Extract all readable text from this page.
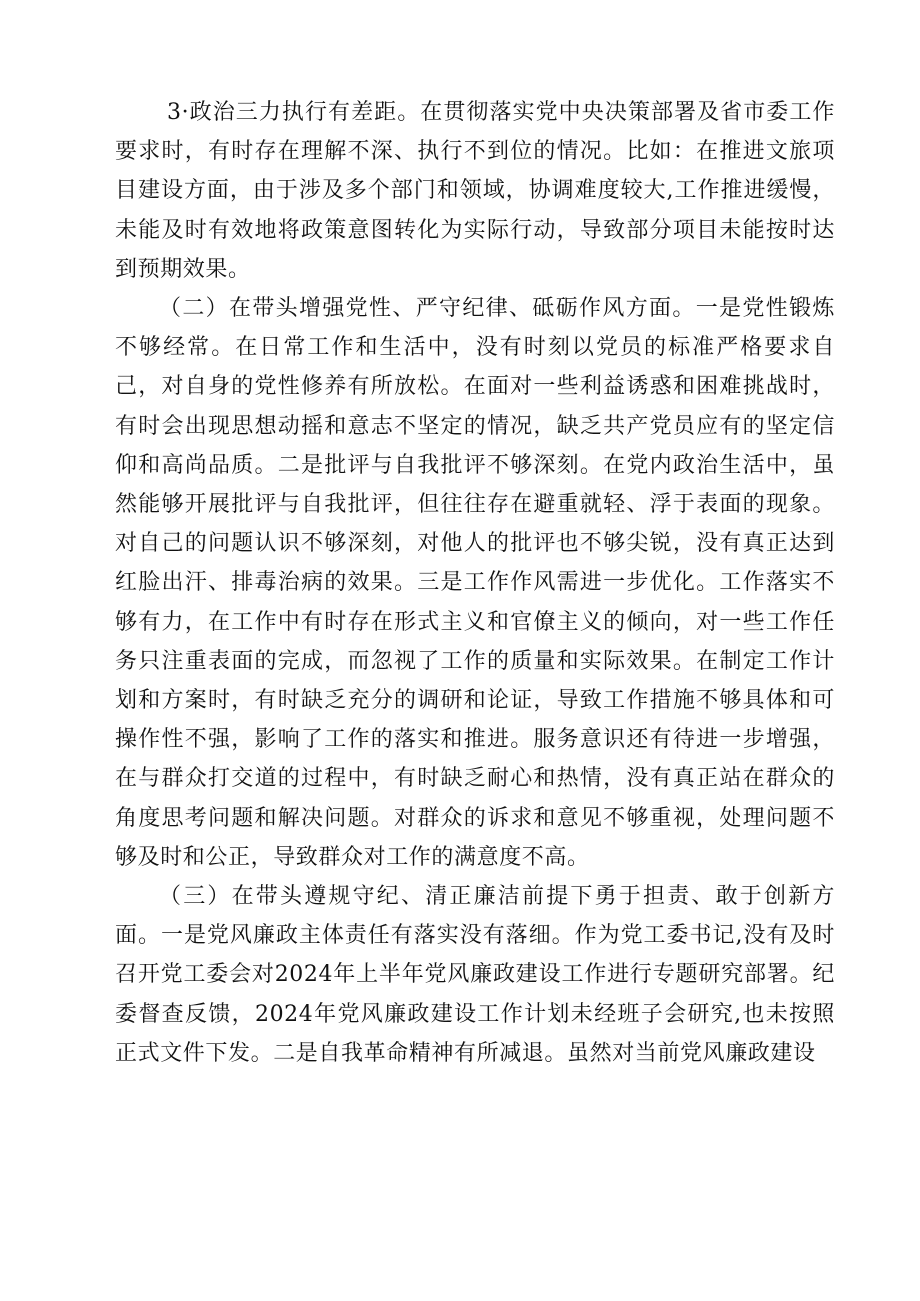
3·政治三力执行有差距。在贯彻落实党中央决策部署及省市委工作要求时，有时存在理解不深、执行不到位的情况。比如：在推进文旅项目建设方面，由于涉及多个部门和领域，协调难度较大,工作推进缓慢，未能及时有效地将政策意图转化为实际行动，导致部分项目未能按时达到预期效果。

（二）在带头增强党性、严守纪律、砥砺作风方面。一是党性锻炼不够经常。在日常工作和生活中，没有时刻以党员的标准严格要求自己，对自身的党性修养有所放松。在面对一些利益诱惑和困难挑战时，有时会出现思想动摇和意志不坚定的情况，缺乏共产党员应有的坚定信仰和高尚品质。二是批评与自我批评不够深刻。在党内政治生活中，虽然能够开展批评与自我批评，但往往存在避重就轻、浮于表面的现象。对自己的问题认识不够深刻，对他人的批评也不够尖锐，没有真正达到红脸出汗、排毒治病的效果。三是工作作风需进一步优化。工作落实不够有力，在工作中有时存在形式主义和官僚主义的倾向，对一些工作任务只注重表面的完成，而忽视了工作的质量和实际效果。在制定工作计划和方案时，有时缺乏充分的调研和论证，导致工作措施不够具体和可操作性不强，影响了工作的落实和推进。服务意识还有待进一步增强，在与群众打交道的过程中，有时缺乏耐心和热情，没有真正站在群众的角度思考问题和解决问题。对群众的诉求和意见不够重视，处理问题不够及时和公正，导致群众对工作的满意度不高。

（三）在带头遵规守纪、清正廉洁前提下勇于担责、敢于创新方面。一是党风廉政主体责任有落实没有落细。作为党工委书记,没有及时召开党工委会对2024年上半年党风廉政建设工作进行专题研究部署。纪委督查反馈，2024年党风廉政建设工作计划未经班子会研究,也未按照正式文件下发。二是自我革命精神有所减退。虽然对当前党风廉政建设
